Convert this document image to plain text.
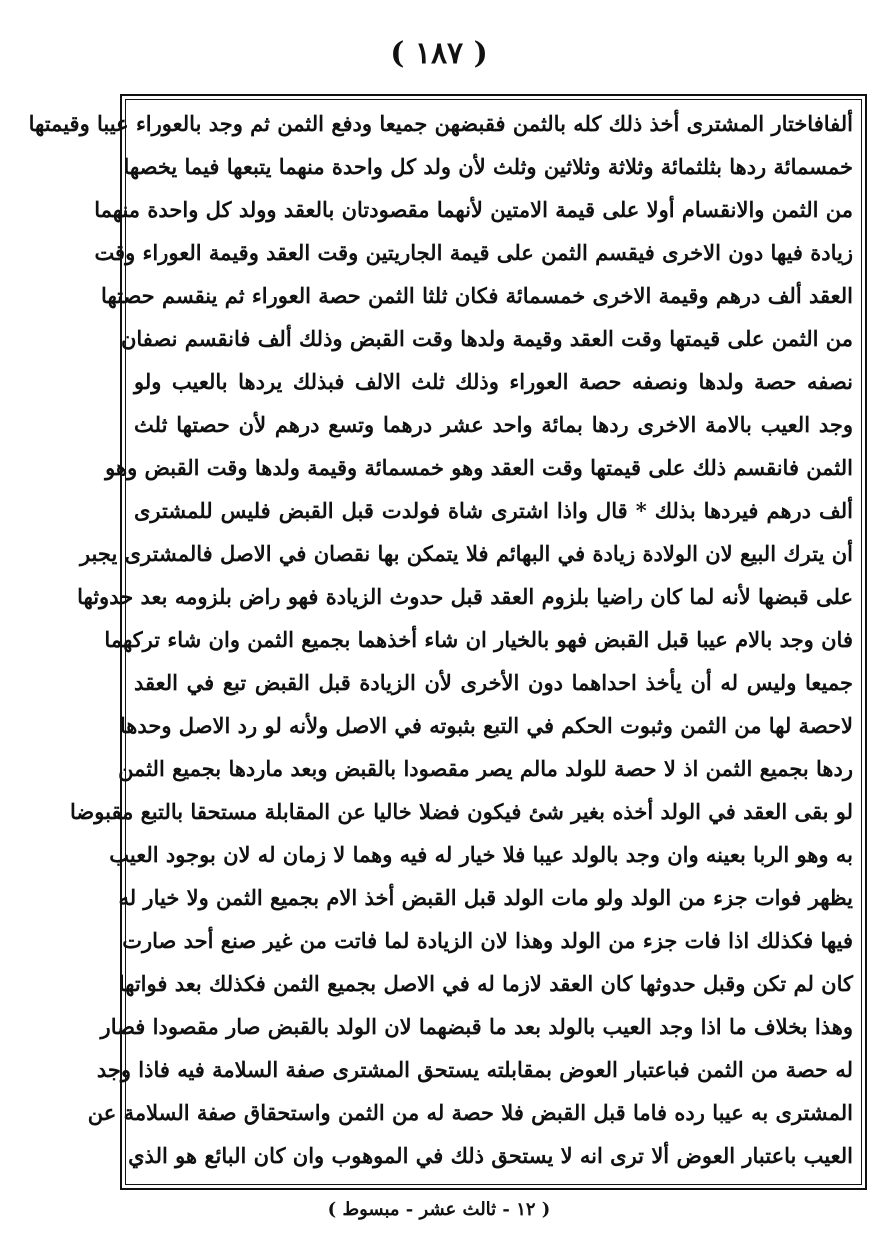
( ١٨٧ )
ألفافاختار المشترى أخذ ذلك كله بالثمن فقبضهن جميعا ودفع الثمن ثم وجد بالعوراء عيبا وقيمتها
خمسمائة ردها بثلثمائة وثلاثة وثلاثين وثلث لأن ولد كل واحدة منهما يتبعها فيما يخصها
من الثمن والانقسام أولا على قيمة الامتين لأنهما مقصودتان بالعقد وولد كل واحدة منهما
زيادة فيها دون الاخرى فيقسم الثمن على قيمة الجاريتين وقت العقد وقيمة العوراء وقت
العقد ألف درهم وقيمة الاخرى خمسمائة فكان ثلثا الثمن حصة العوراء ثم ينقسم حصتها
من الثمن على قيمتها وقت العقد وقيمة ولدها وقت القبض وذلك ألف فانقسم نصفان
نصفه حصة ولدها ونصفه حصة العوراء وذلك ثلث الالف فبذلك يردها بالعيب ولو
وجد العيب بالامة الاخرى ردها بمائة واحد عشر درهما وتسع درهم لأن حصتها ثلث
الثمن فانقسم ذلك على قيمتها وقت العقد وهو خمسمائة وقيمة ولدها وقت القبض وهو
ألف درهم فيردها بذلك * قال واذا اشترى شاة فولدت قبل القبض فليس للمشترى
أن يترك البيع لان الولادة زيادة في البهائم فلا يتمكن بها نقصان في الاصل فالمشترى يجبر
على قبضها لأنه لما كان راضيا بلزوم العقد قبل حدوث الزيادة فهو راض بلزومه بعد حدوثها
فان وجد بالام عيبا قبل القبض فهو بالخيار ان شاء أخذهما بجميع الثمن وان شاء تركهما
جميعا وليس له أن يأخذ احداهما دون الأخرى لأن الزيادة قبل القبض تبع في العقد
لاحصة لها من الثمن وثبوت الحكم في التبع بثبوته في الاصل ولأنه لو رد الاصل وحدها
ردها بجميع الثمن اذ لا حصة للولد مالم يصر مقصودا بالقبض وبعد ماردها بجميع الثمن
لو بقى العقد في الولد أخذه بغير شئ فيكون فضلا خاليا عن المقابلة مستحقا بالتبع مقبوضا
به وهو الربا بعينه وان وجد بالولد عيبا فلا خيار له فيه وهما لا زمان له لان بوجود العيب
يظهر فوات جزء من الولد ولو مات الولد قبل القبض أخذ الام بجميع الثمن ولا خيار له
فيها فكذلك اذا فات جزء من الولد وهذا لان الزيادة لما فاتت من غير صنع أحد صارت
كان لم تكن وقبل حدوثها كان العقد لازما له في الاصل بجميع الثمن فكذلك بعد فواتها
وهذا بخلاف ما اذا وجد العيب بالولد بعد ما قبضهما لان الولد بالقبض صار مقصودا فصار
له حصة من الثمن فباعتبار العوض بمقابلته يستحق المشترى صفة السلامة فيه فاذا وجد
المشترى به عيبا رده فاما قبل القبض فلا حصة له من الثمن واستحقاق صفة السلامة عن
العيب باعتبار العوض ألا ترى انه لا يستحق ذلك في الموهوب وان كان البائع هو الذي
( ١٢ - ثالث عشر - مبسوط )
